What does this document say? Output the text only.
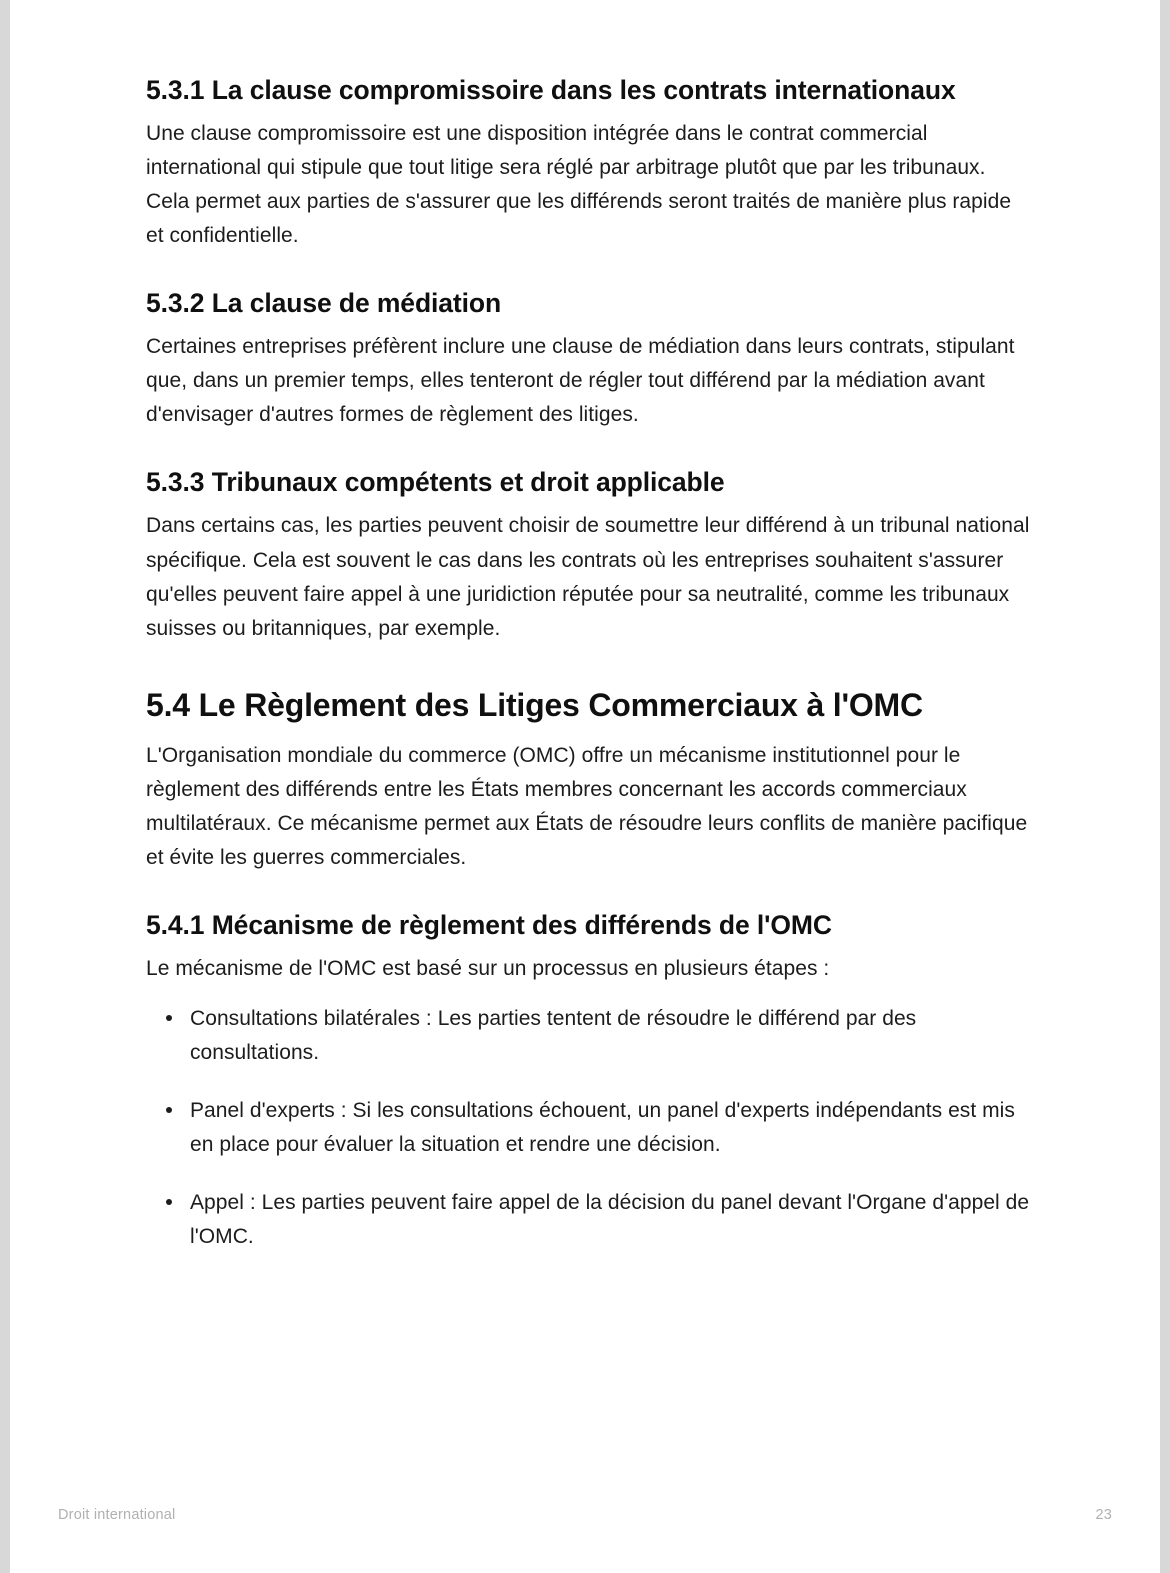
5.3.1 La clause compromissoire dans les contrats internationaux

Une clause compromissoire est une disposition intégrée dans le contrat commercial international qui stipule que tout litige sera réglé par arbitrage plutôt que par les tribunaux. Cela permet aux parties de s'assurer que les différends seront traités de manière plus rapide et confidentielle.

5.3.2 La clause de médiation

Certaines entreprises préfèrent inclure une clause de médiation dans leurs contrats, stipulant que, dans un premier temps, elles tenteront de régler tout différend par la médiation avant d'envisager d'autres formes de règlement des litiges.

5.3.3 Tribunaux compétents et droit applicable

Dans certains cas, les parties peuvent choisir de soumettre leur différend à un tribunal national spécifique. Cela est souvent le cas dans les contrats où les entreprises souhaitent s'assurer qu'elles peuvent faire appel à une juridiction réputée pour sa neutralité, comme les tribunaux suisses ou britanniques, par exemple.

5.4 Le Règlement des Litiges Commerciaux à l'OMC

L'Organisation mondiale du commerce (OMC) offre un mécanisme institutionnel pour le règlement des différends entre les États membres concernant les accords commerciaux multilatéraux. Ce mécanisme permet aux États de résoudre leurs conflits de manière pacifique et évite les guerres commerciales.

5.4.1 Mécanisme de règlement des différends de l'OMC

Le mécanisme de l'OMC est basé sur un processus en plusieurs étapes :

Consultations bilatérales : Les parties tentent de résoudre le différend par des consultations.
Panel d'experts : Si les consultations échouent, un panel d'experts indépendants est mis en place pour évaluer la situation et rendre une décision.
Appel : Les parties peuvent faire appel de la décision du panel devant l'Organe d'appel de l'OMC.
Droit international	23
